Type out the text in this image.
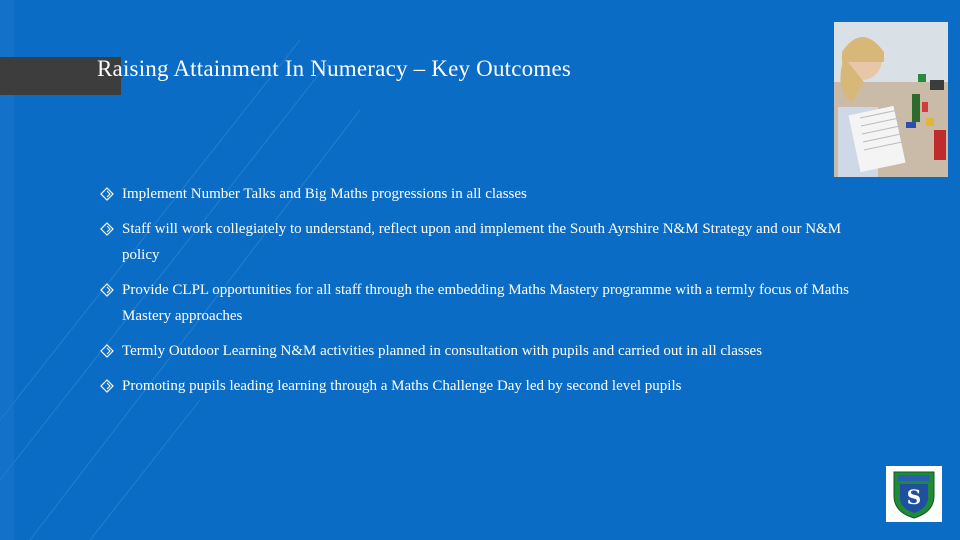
Raising Attainment In Numeracy – Key Outcomes
Implement Number Talks and Big Maths progressions in all classes
Staff will work collegiately to understand, reflect upon and implement the South Ayrshire N&M Strategy and our N&M policy
Provide CLPL opportunities for all staff through the embedding Maths Mastery programme with a termly focus of Maths Mastery approaches
Termly Outdoor Learning N&M activities planned in consultation with pupils and carried out in all classes
Promoting pupils leading learning through a Maths Challenge Day led by second level pupils
S
